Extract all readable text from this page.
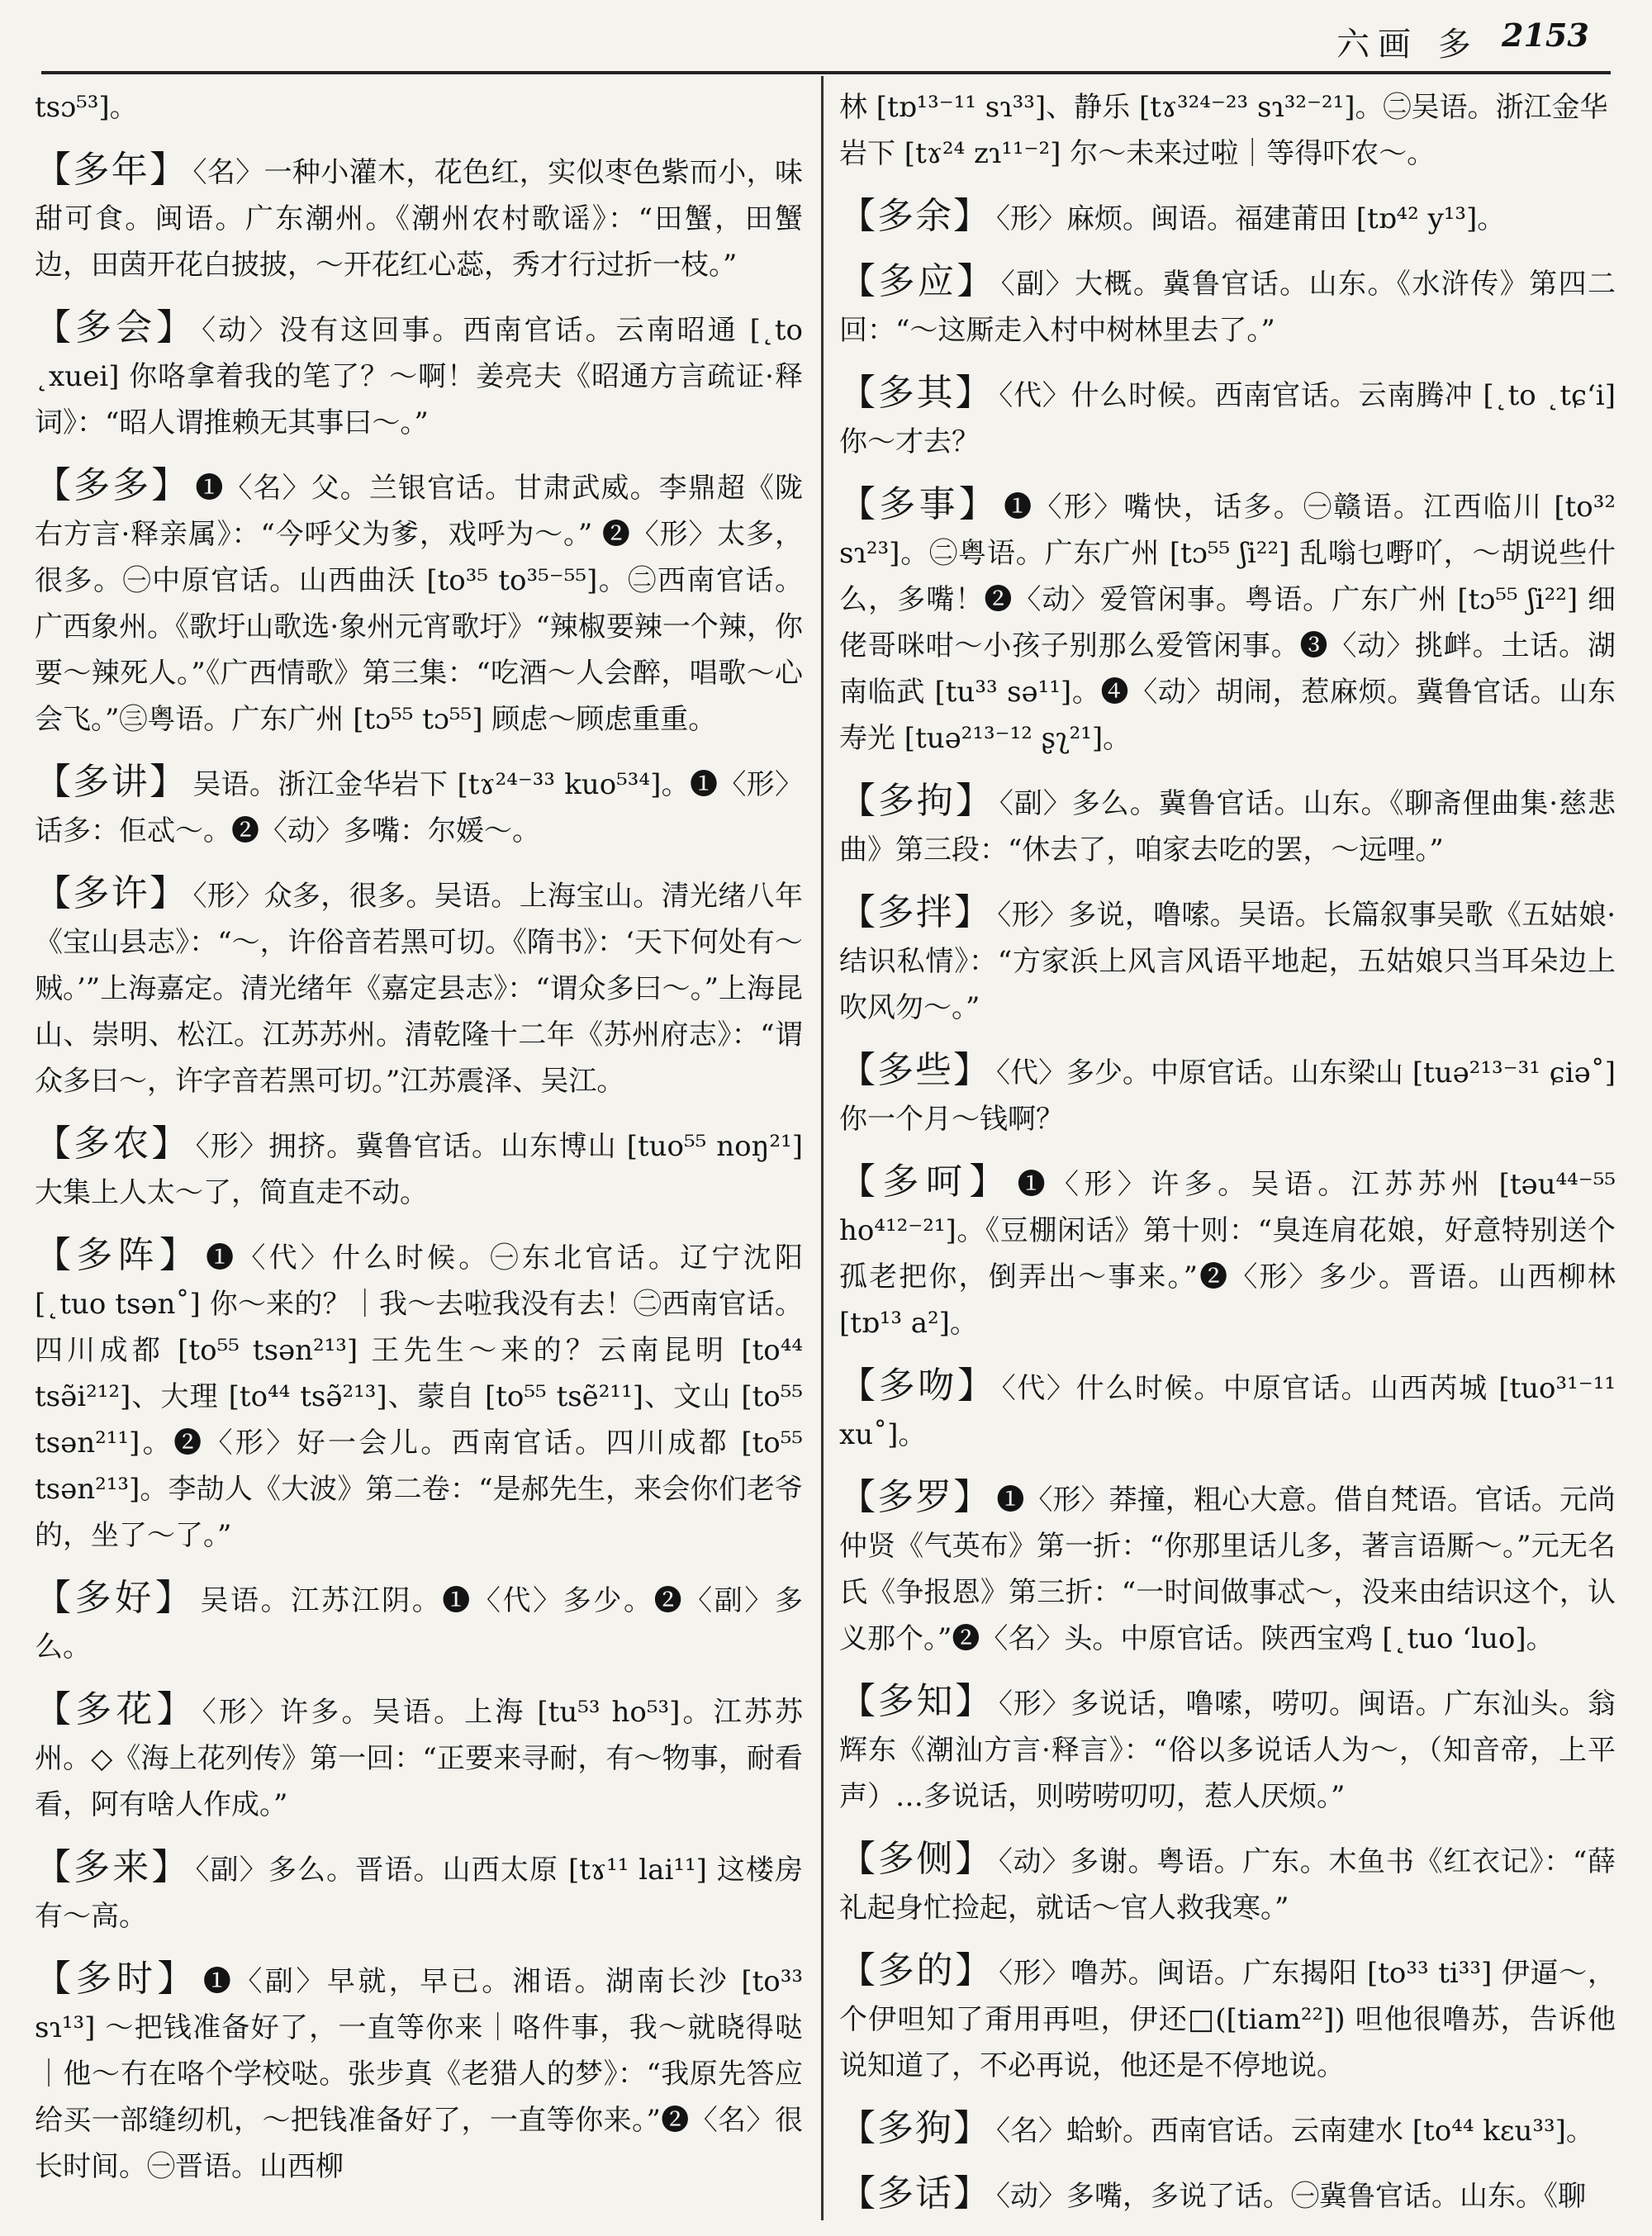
六画 多 2153
tsɔ⁵³]。
【多年】 〈名〉一种小灌木，花色红，实似枣色紫而小，味甜可食。闽语。广东潮州。《潮州农村歌谣》：“田蟹，田蟹边，田茵开花白披披，～开花红心蕊，秀才行过折一枝。”
【多会】 〈动〉没有这回事。西南官话。云南昭通 [˛to ˛xuei] 你咯拿着我的笔了？～啊！姜亮夫《昭通方言疏证·释词》：“昭人谓推赖无其事曰～。”
【多多】 ❶〈名〉父。兰银官话。甘肃武威。李鼎超《陇右方言·释亲属》：“今呼父为爹，戏呼为～。” ❷〈形〉太多，很多。㊀中原官话。山西曲沃 [to³⁵ to³⁵⁻⁵⁵]。㊁西南官话。广西象州。《歌圩山歌选·象州元宵歌圩》“辣椒要辣一个辣，你要～辣死人。”《广西情歌》第三集：“吃酒～人会醉，唱歌～心会飞。”㊂粤语。广东广州 [tɔ⁵⁵ tɔ⁵⁵] 顾虑～顾虑重重。
【多讲】 吴语。浙江金华岩下 [tɤ²⁴⁻³³ kuo⁵³⁴]。❶〈形〉话多：佢忒～。❷〈动〉多嘴：尔媛～。
【多许】 〈形〉众多，很多。吴语。上海宝山。清光绪八年《宝山县志》：“～，许俗音若黑可切。《隋书》：‘天下何处有～贼。’”上海嘉定。清光绪年《嘉定县志》：“谓众多曰～。”上海昆山、崇明、松江。江苏苏州。清乾隆十二年《苏州府志》：“谓众多曰～，许字音若黑可切。”江苏震泽、吴江。
【多农】 〈形〉拥挤。冀鲁官话。山东博山 [tuo⁵⁵ noŋ²¹] 大集上人太～了，简直走不动。
【多阵】 ❶〈代〉什么时候。㊀东北官话。辽宁沈阳 [˛tuo tsən˚] 你～来的？｜我～去啦我没有去！㊁西南官话。四川成都 [to⁵⁵ tsən²¹³] 王先生～来的？云南昆明 [to⁴⁴ tsə̃i²¹²]、大理 [to⁴⁴ tsə̃²¹³]、蒙自 [to⁵⁵ tsẽ²¹¹]、文山 [to⁵⁵ tsən²¹¹]。❷〈形〉好一会儿。西南官话。四川成都 [to⁵⁵ tsən²¹³]。李劼人《大波》第二卷：“是郝先生，来会你们老爷的，坐了～了。”
【多好】 吴语。江苏江阴。❶〈代〉多少。❷〈副〉多么。
【多花】 〈形〉许多。吴语。上海 [tu⁵³ ho⁵³]。江苏苏州。◇《海上花列传》第一回：“正要来寻耐，有～物事，耐看看，阿有啥人作成。”
【多来】 〈副〉多么。晋语。山西太原 [tɤ¹¹ lai¹¹] 这楼房有～高。
【多时】 ❶〈副〉早就，早已。湘语。湖南长沙 [to³³ sɿ¹³] ～把钱准备好了，一直等你来｜咯件事，我～就晓得哒｜他～冇在咯个学校哒。张步真《老猎人的梦》：“我原先答应给买一部缝纫机，～把钱准备好了，一直等你来。”❷〈名〉很长时间。㊀晋语。山西柳
林 [tɒ¹³⁻¹¹ sɿ³³]、静乐 [tɤ³²⁴⁻²³ sɿ³²⁻²¹]。㊁吴语。浙江金华岩下 [tɤ²⁴ zɿ¹¹⁻²] 尔～未来过啦｜等得吓农～。
【多余】 〈形〉麻烦。闽语。福建莆田 [tɒ⁴² y¹³]。
【多应】 〈副〉大概。冀鲁官话。山东。《水浒传》第四二回：“～这厮走入村中树林里去了。”
【多其】 〈代〉什么时候。西南官话。云南腾冲 [˛to ˛tɕʻi] 你～才去？
【多事】 ❶〈形〉嘴快，话多。㊀赣语。江西临川 [to³² sɿ²³]。㊁粤语。广东广州 [tɔ⁵⁵ ʃi²²] 乱嗡乜嘢吖，～胡说些什么，多嘴！❷〈动〉爱管闲事。粤语。广东广州 [tɔ⁵⁵ ʃi²²] 细佬哥咪咁～小孩子别那么爱管闲事。❸〈动〉挑衅。土话。湖南临武 [tu³³ sə¹¹]。❹〈动〉胡闹，惹麻烦。冀鲁官话。山东寿光 [tuə²¹³⁻¹² ʂʅ²¹]。
【多拘】 〈副〉多么。冀鲁官话。山东。《聊斋俚曲集·慈悲曲》第三段：“休去了，咱家去吃的罢，～远哩。”
【多拌】 〈形〉多说，噜嗦。吴语。长篇叙事吴歌《五姑娘·结识私情》：“方家浜上风言风语平地起，五姑娘只当耳朵边上吹风勿～。”
【多些】 〈代〉多少。中原官话。山东梁山 [tuə²¹³⁻³¹ ɕiə˚] 你一个月～钱啊？
【多呵】 ❶〈形〉许多。吴语。江苏苏州 [təu⁴⁴⁻⁵⁵ ho⁴¹²⁻²¹]。《豆棚闲话》第十则：“臭连肩花娘，好意特别送个孤老把你，倒弄出～事来。”❷〈形〉多少。晋语。山西柳林 [tɒ¹³ a²]。
【多吻】 〈代〉什么时候。中原官话。山西芮城 [tuo³¹⁻¹¹ xu˚]。
【多罗】 ❶〈形〉莽撞，粗心大意。借自梵语。官话。元尚仲贤《气英布》第一折：“你那里话儿多，著言语厮～。”元无名氏《争报恩》第三折：“一时间做事忒～，没来由结识这个，认义那个。”❷〈名〉头。中原官话。陕西宝鸡 [˛tuo ʻluo]。
【多知】 〈形〉多说话，噜嗦，唠叨。闽语。广东汕头。翁辉东《潮汕方言·释言》：“俗以多说话人为～，（知音帝，上平声）…多说话，则唠唠叨叨，惹人厌烦。”
【多侧】 〈动〉多谢。粤语。广东。木鱼书《红衣记》：“薛礼起身忙捡起，就话～官人救我寒。”
【多的】 〈形〉噜苏。闽语。广东揭阳 [to³³ ti³³] 伊逼～，个伊呾知了甭用再呾，伊还□([tiam²²]) 呾他很噜苏，告诉他说知道了，不必再说，他还是不停地说。
【多狗】 〈名〉蛤蚧。西南官话。云南建水 [to⁴⁴ kɛu³³]。
【多话】 〈动〉多嘴，多说了话。㊀冀鲁官话。山东。《聊
